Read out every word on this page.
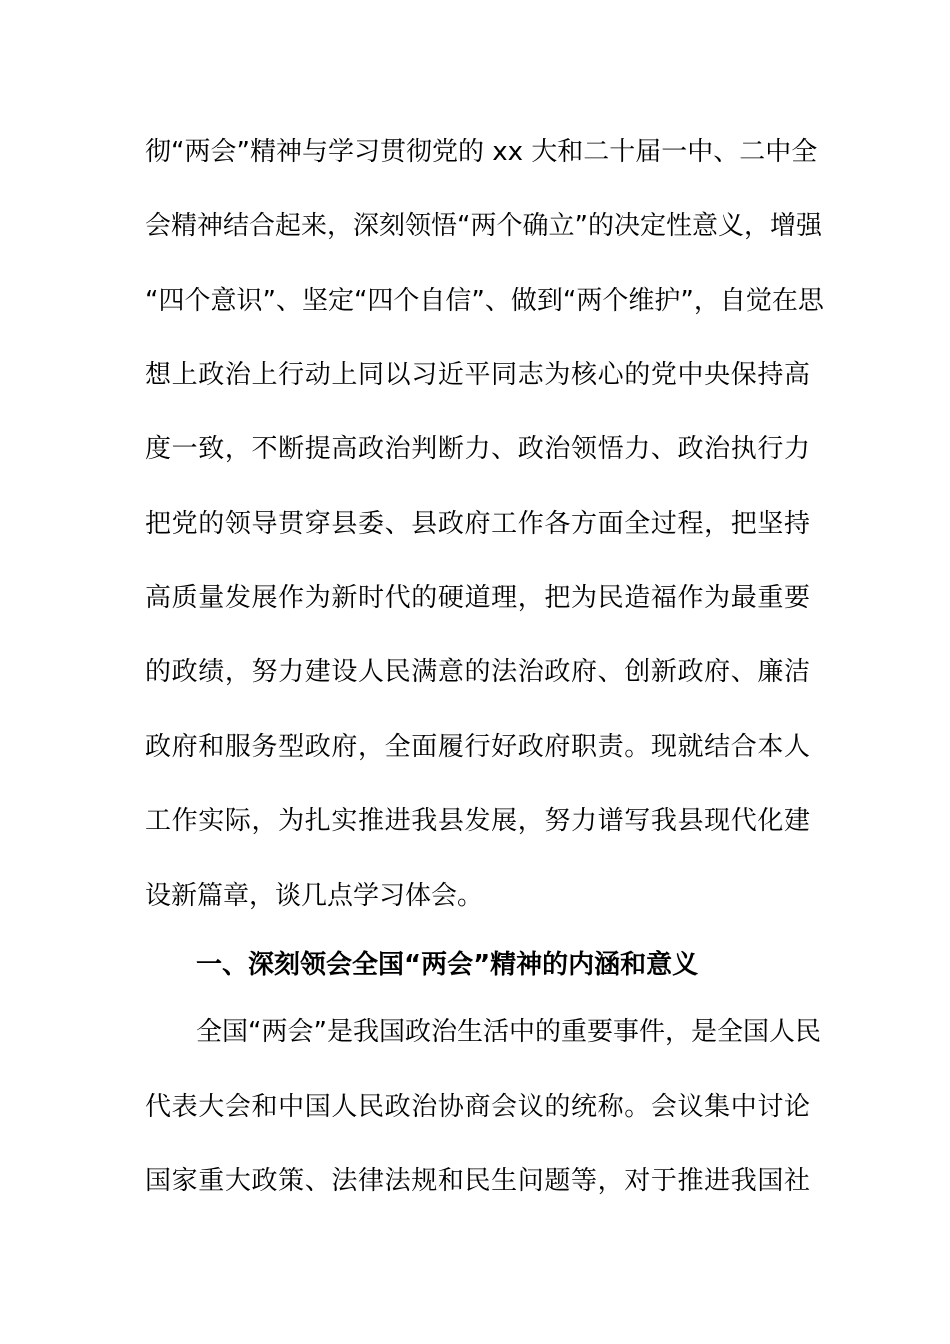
彻“两会”精神与学习贯彻党的 xx 大和二十届一中、二中全
会精神结合起来，深刻领悟“两个确立”的决定性意义，增强
“四个意识”、坚定“四个自信”、做到“两个维护”，自觉在思
想上政治上行动上同以习近平同志为核心的党中央保持高
度一致，不断提高政治判断力、政治领悟力、政治执行力
把党的领导贯穿县委、县政府工作各方面全过程，把坚持
高质量发展作为新时代的硬道理，把为民造福作为最重要
的政绩，努力建设人民满意的法治政府、创新政府、廉洁
政府和服务型政府，全面履行好政府职责。现就结合本人
工作实际，为扎实推进我县发展，努力谱写我县现代化建
设新篇章，谈几点学习体会。
一、深刻领会全国“两会”精神的内涵和意义
全国“两会”是我国政治生活中的重要事件，是全国人民
代表大会和中国人民政治协商会议的统称。会议集中讨论
国家重大政策、法律法规和民生问题等，对于推进我国社
